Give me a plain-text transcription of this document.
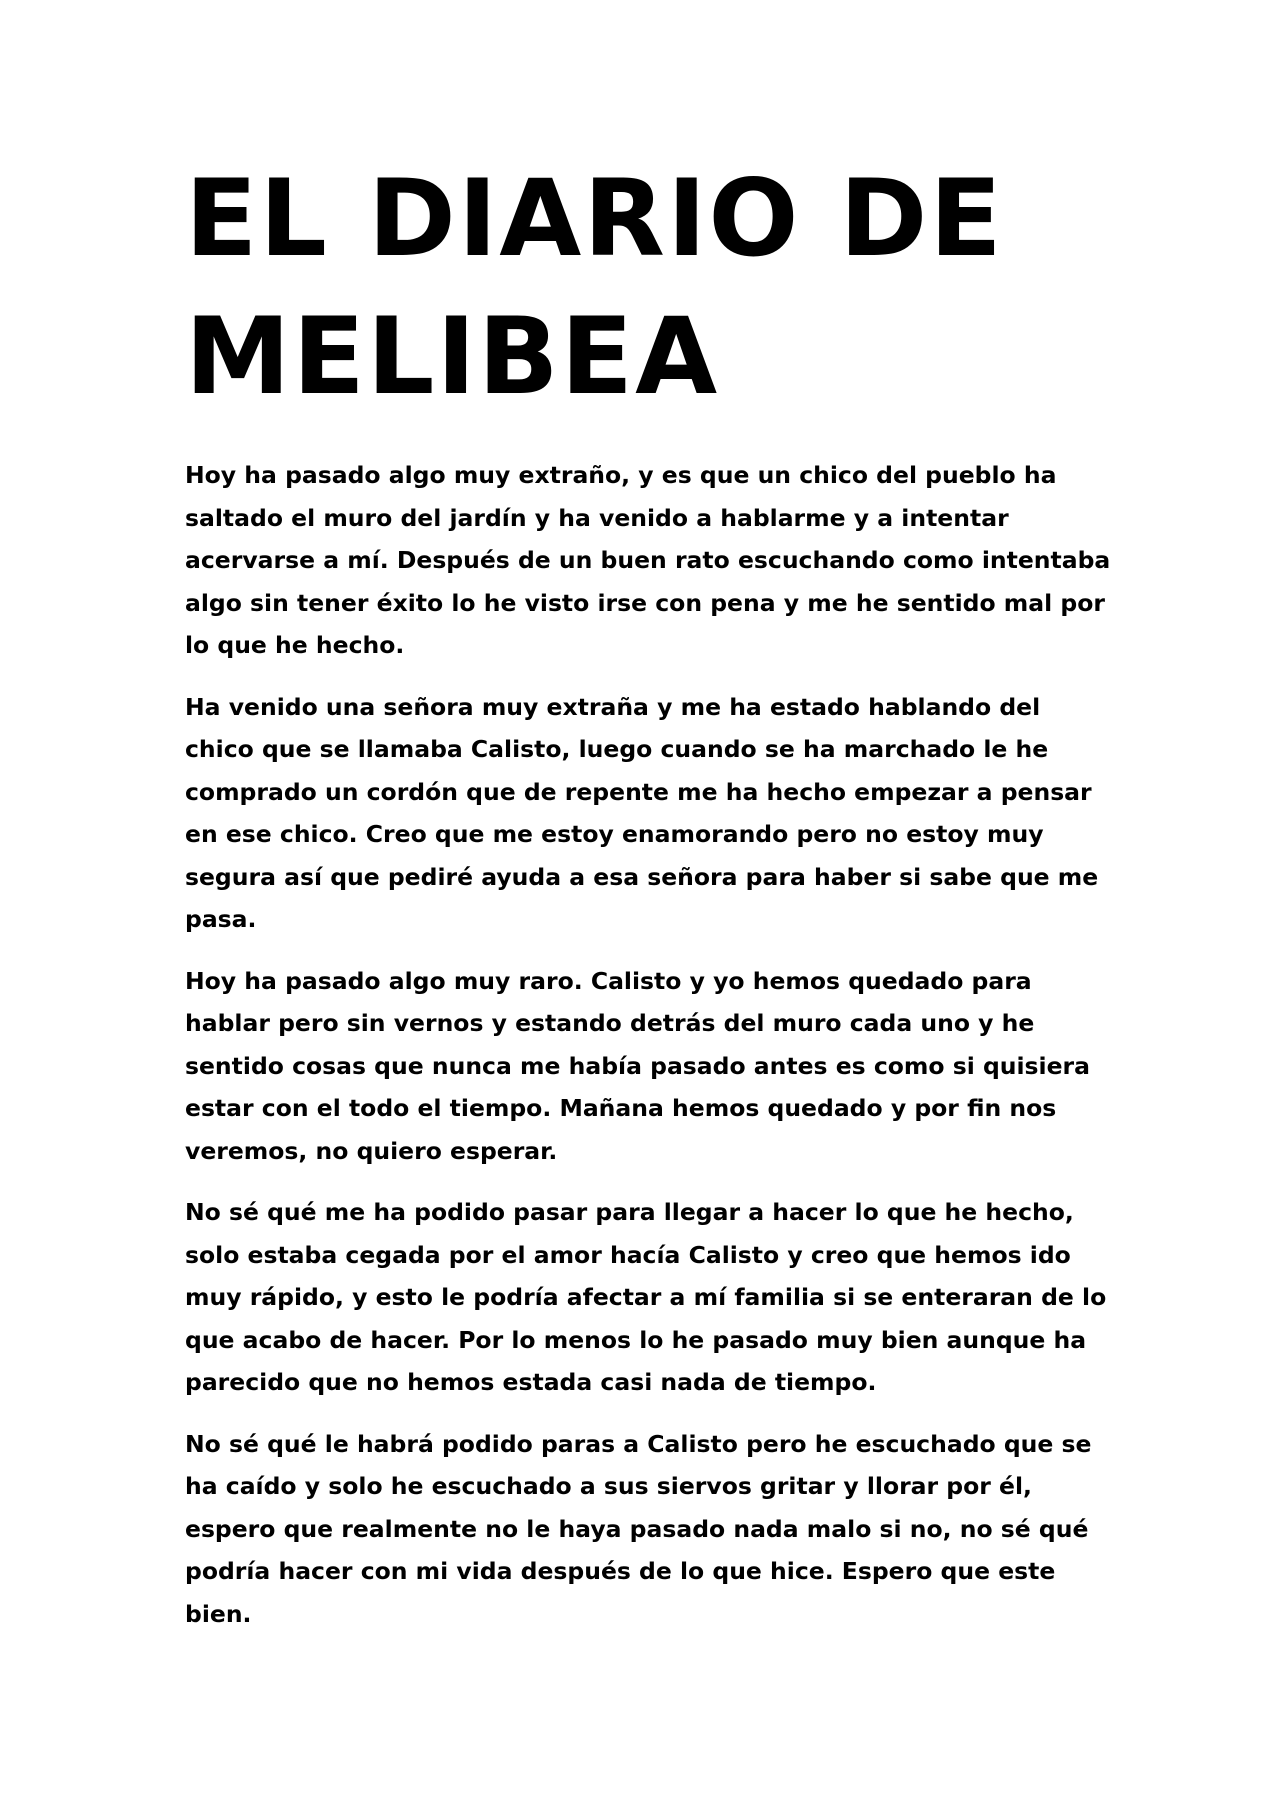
EL DIARIO DE MELIBEA

Hoy ha pasado algo muy extraño, y es que un chico del pueblo ha saltado el muro del jardín y ha venido a hablarme y a intentar acervarse a mí. Después de un buen rato escuchando como intentaba algo sin tener éxito lo he visto irse con pena y me he sentido mal por lo que he hecho.

Ha venido una señora muy extraña y me ha estado hablando del chico que se llamaba Calisto, luego cuando se ha marchado le he comprado un cordón que de repente me ha hecho empezar a pensar en ese chico. Creo que me estoy enamorando pero no estoy muy segura así que pediré ayuda a esa señora para haber si sabe que me pasa.

Hoy ha pasado algo muy raro. Calisto y yo hemos quedado para hablar pero sin vernos y estando detrás del muro cada uno y he sentido cosas que nunca me había pasado antes es como si quisiera estar con el todo el tiempo. Mañana hemos quedado y por fin nos veremos, no quiero esperar.

No sé qué me ha podido pasar para llegar a hacer lo que he hecho, solo estaba cegada por el amor hacía Calisto y creo que hemos ido muy rápido, y esto le podría afectar a mí familia si se enteraran de lo que acabo de hacer. Por lo menos lo he pasado muy bien aunque ha parecido que no hemos estada casi nada de tiempo.

No sé qué le habrá podido paras a Calisto pero he escuchado que se ha caído y solo he escuchado a sus siervos gritar y llorar por él, espero que realmente no le haya pasado nada malo si no, no sé qué podría hacer con mi vida después de lo que hice. Espero que este bien.
